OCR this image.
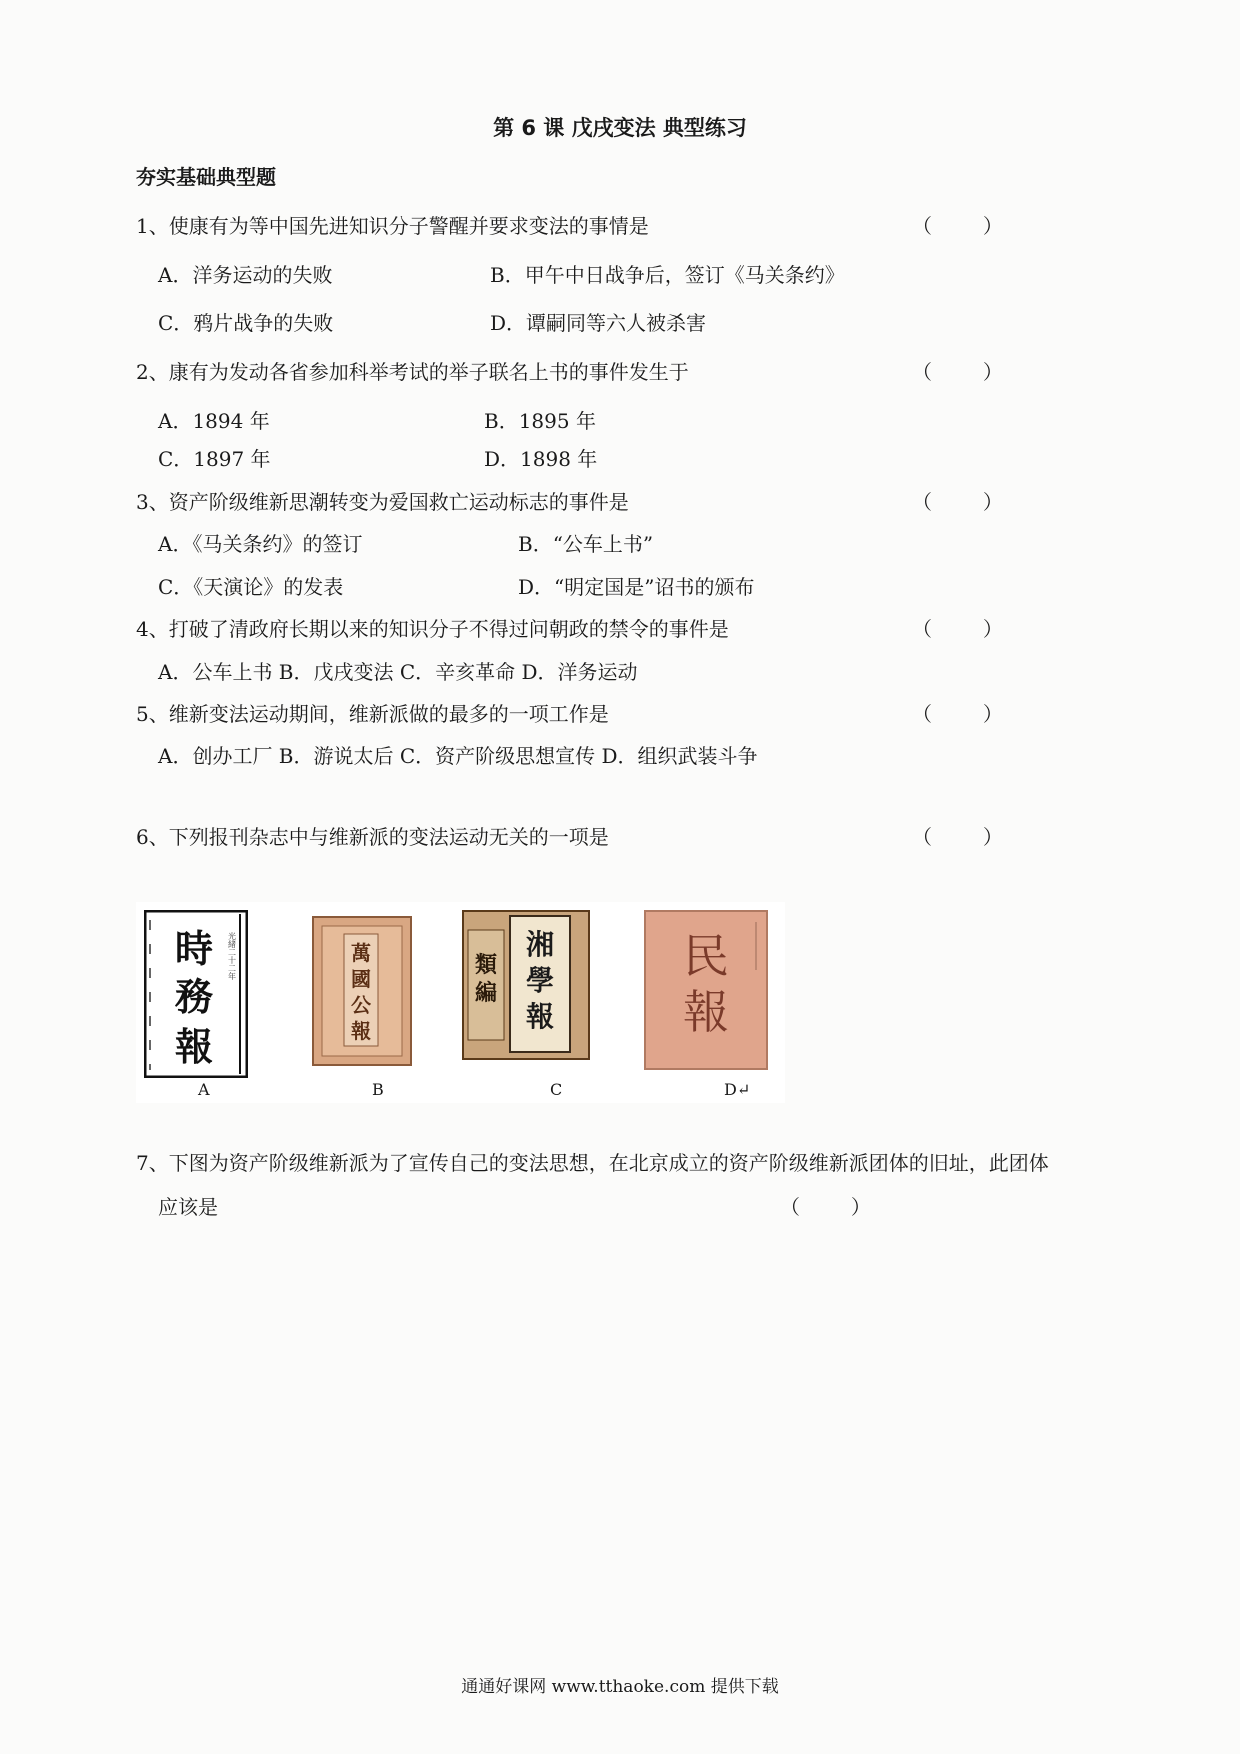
第 6 课 戊戌变法 典型练习
夯实基础典型题
1、使康有为等中国先进知识分子警醒并要求变法的事情是	（        ）
A．洋务运动的失败	B．甲午中日战争后，签订《马关条约》
C．鸦片战争的失败	D．谭嗣同等六人被杀害
2、康有为发动各省参加科举考试的举子联名上书的事件发生于	（        ）
A．1894 年	B．1895 年
C．1897 年	D．1898 年
3、资产阶级维新思潮转变为爱国救亡运动标志的事件是	（        ）
A．《马关条约》的签订	B．“公车上书”
C．《天演论》的发表	D．“明定国是”诏书的颁布
4、打破了清政府长期以来的知识分子不得过问朝政的禁令的事件是	（        ）
A．公车上书 B．戊戌变法 C．辛亥革命 D．洋务运动
5、维新变法运动期间，维新派做的最多的一项工作是	（        ）
A．创办工厂 B．游说太后 C．资产阶级思想宣传 D．组织武装斗争
6、下列报刊杂志中与维新派的变法运动无关的一项是	（        ）
光緒二十二年
時
務
報
A
萬
國
公
報
B
類
編
湘
學
報
C
民
報
D↵
7、下图为资产阶级维新派为了宣传自己的变法思想，在北京成立的资产阶级维新派团体的旧址，此团体
应该是	（        ）
通通好课网 www.tthaoke.com 提供下载
